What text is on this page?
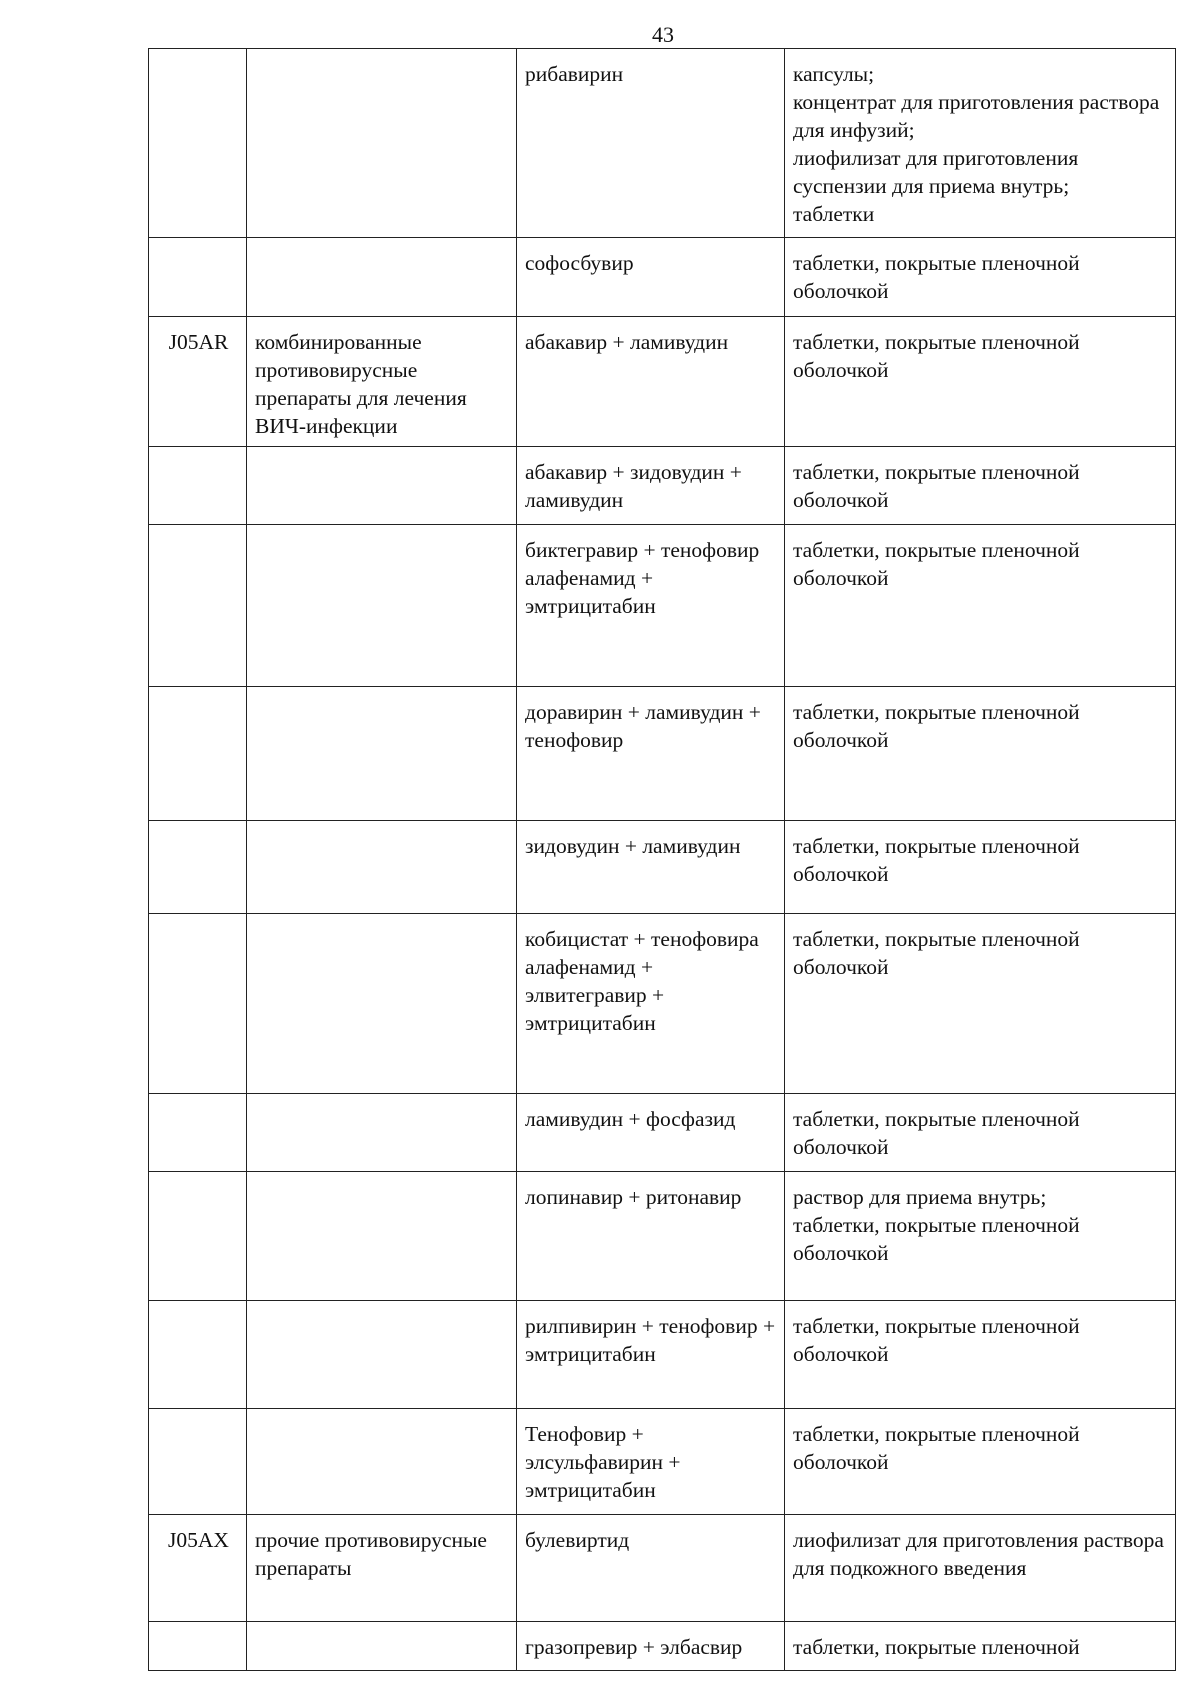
43
		рибавирин	капсулы;
концентрат для приготовления раствора для инфузий;
лиофилизат для приготовления суспензии для приема внутрь;
таблетки
		софосбувир	таблетки, покрытые пленочной оболочкой
J05AR	комбинированные противовирусные препараты для лечения ВИЧ-инфекции	абакавир + ламивудин	таблетки, покрытые пленочной оболочкой
		абакавир + зидовудин + ламивудин	таблетки, покрытые пленочной оболочкой
		биктегравир + тенофовир алафенамид + эмтрицитабин	таблетки, покрытые пленочной оболочкой
		доравирин + ламивудин + тенофовир	таблетки, покрытые пленочной оболочкой
		зидовудин + ламивудин	таблетки, покрытые пленочной оболочкой
		кобицистат + тенофовира алафенамид + элвитегравир + эмтрицитабин	таблетки, покрытые пленочной оболочкой
		ламивудин + фосфазид	таблетки, покрытые пленочной оболочкой
		лопинавир + ритонавир	раствор для приема внутрь;
таблетки, покрытые пленочной оболочкой
		рилпивирин + тенофовир + эмтрицитабин	таблетки, покрытые пленочной оболочкой
		Тенофовир + элсульфавирин + эмтрицитабин	таблетки, покрытые пленочной оболочкой
J05AX	прочие противовирусные препараты	булевиртид	лиофилизат для приготовления раствора для подкожного введения
		гразопревир + элбасвир	таблетки, покрытые пленочной
